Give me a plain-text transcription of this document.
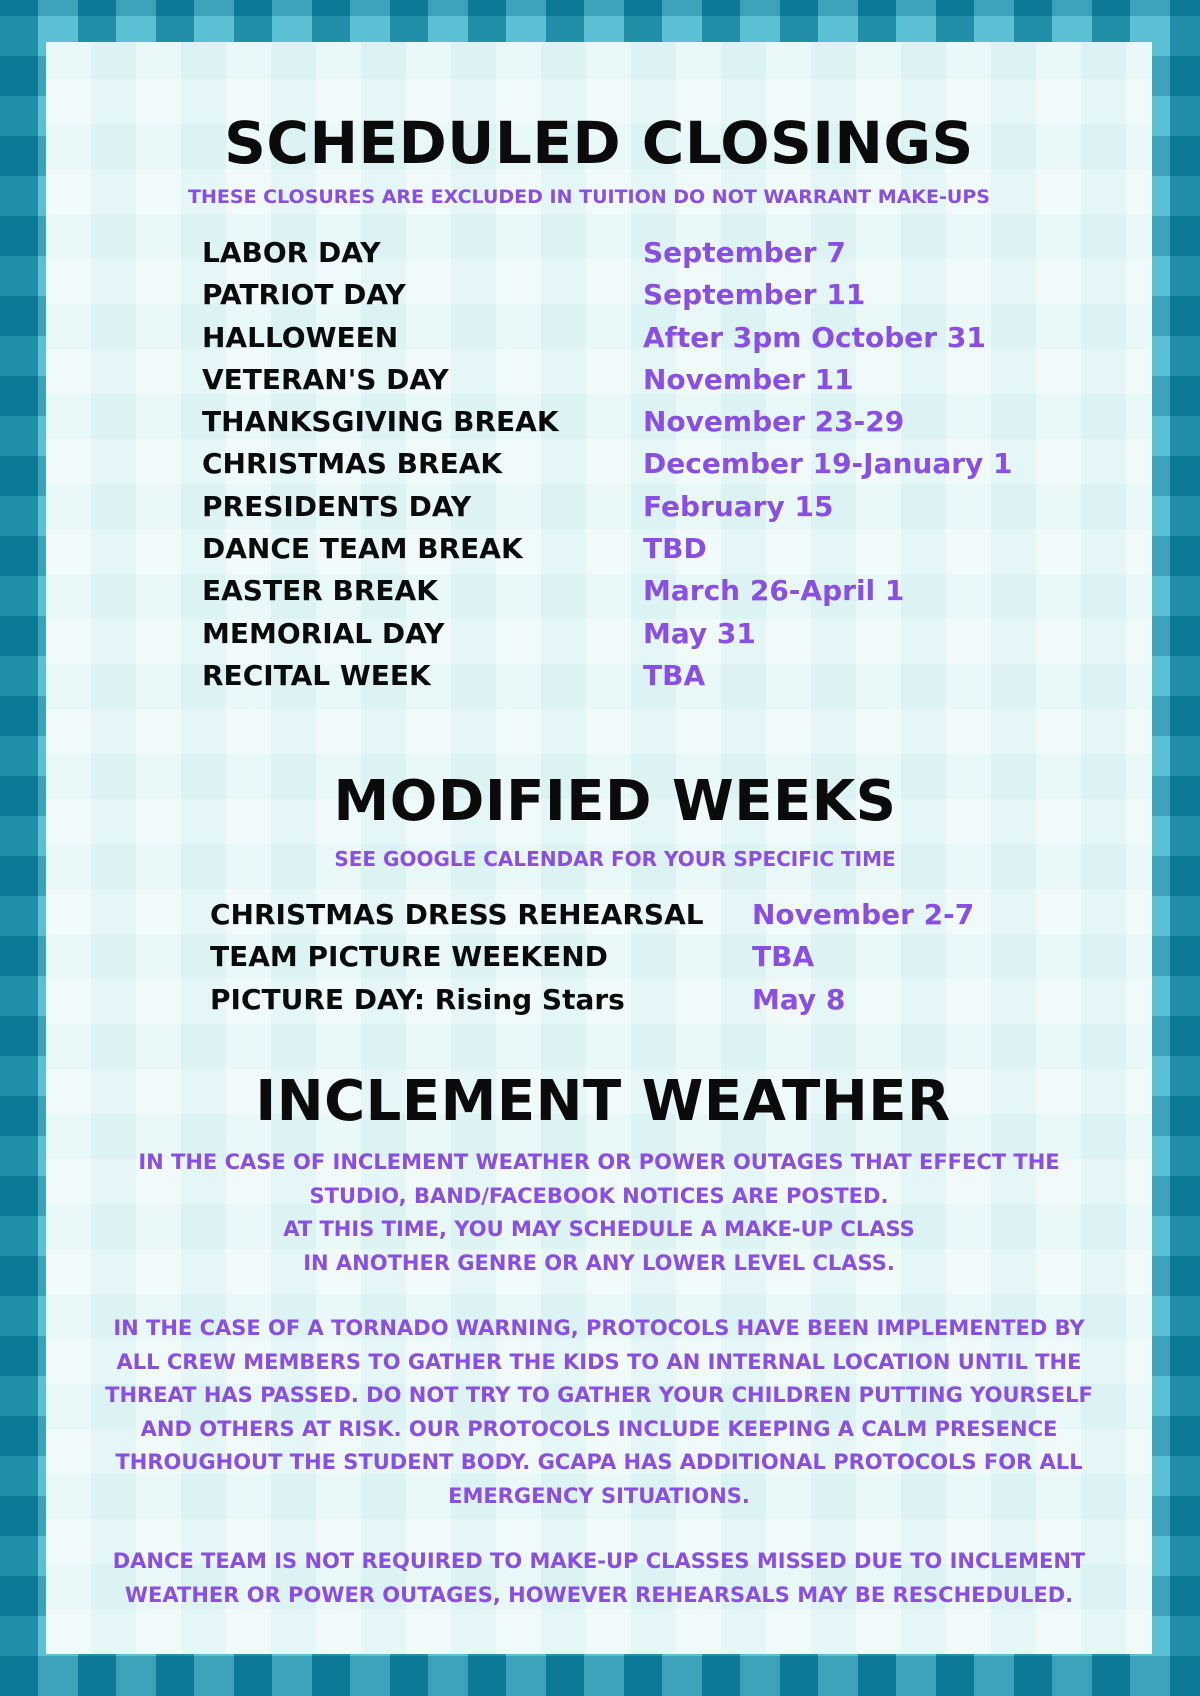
SCHEDULED CLOSINGS
THESE CLOSURES ARE EXCLUDED IN TUITION DO NOT WARRANT MAKE-UPS
LABOR DAY	September 7
PATRIOT DAY	September 11
HALLOWEEN	After 3pm October 31
VETERAN'S DAY	November 11
THANKSGIVING BREAK	November 23-29
CHRISTMAS BREAK	December 19-January 1
PRESIDENTS DAY	February 15
DANCE TEAM BREAK	TBD
EASTER BREAK	March 26-April 1
MEMORIAL DAY	May 31
RECITAL WEEK	TBA
MODIFIED WEEKS
SEE GOOGLE CALENDAR FOR YOUR SPECIFIC TIME
CHRISTMAS DRESS REHEARSAL November 2-7
TEAM PICTURE WEEKEND	TBA
PICTURE DAY: Rising Stars	May 8
INCLEMENT WEATHER

IN THE CASE OF INCLEMENT WEATHER OR POWER OUTAGES THAT EFFECT THE

STUDIO, BAND/FACEBOOK NOTICES ARE POSTED.

AT THIS TIME, YOU MAY SCHEDULE A MAKE-UP CLASS

IN ANOTHER GENRE OR ANY LOWER LEVEL CLASS.

IN THE CASE OF A TORNADO WARNING, PROTOCOLS HAVE BEEN IMPLEMENTED BY

ALL CREW MEMBERS TO GATHER THE KIDS TO AN INTERNAL LOCATION UNTIL THE

THREAT HAS PASSED. DO NOT TRY TO GATHER YOUR CHILDREN PUTTING YOURSELF

AND OTHERS AT RISK. OUR PROTOCOLS INCLUDE KEEPING A CALM PRESENCE

THROUGHOUT THE STUDENT BODY. GCAPA HAS ADDITIONAL PROTOCOLS FOR ALL

EMERGENCY SITUATIONS.

DANCE TEAM IS NOT REQUIRED TO MAKE-UP CLASSES MISSED DUE TO INCLEMENT

WEATHER OR POWER OUTAGES, HOWEVER REHEARSALS MAY BE RESCHEDULED.
